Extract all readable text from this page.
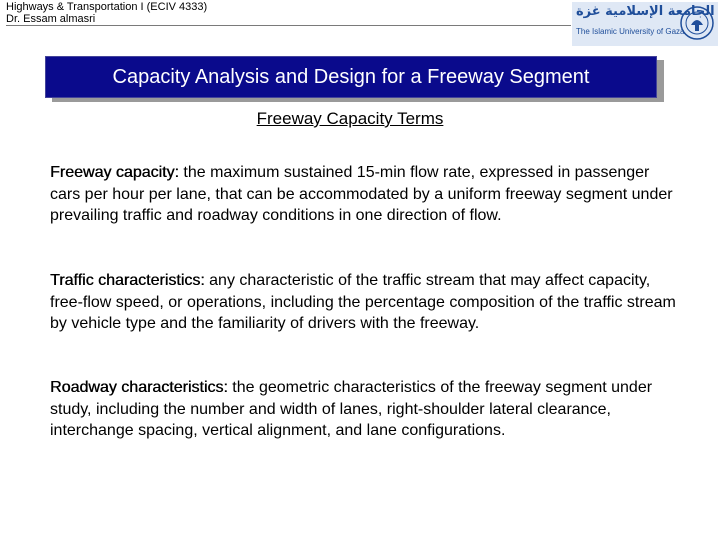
Highways & Transportation I (ECIV 4333)
Dr. Essam almasri	الجامعة الإسلامية غزة
The Islamic University of Gaza
Capacity Analysis and Design for a Freeway Segment
Freeway Capacity Terms
Freeway capacity: the maximum sustained 15-min flow rate, expressed in passenger cars per hour per lane, that can be accommodated by a uniform freeway segment under prevailing traffic and roadway conditions in one direction of flow.
Traffic characteristics: any characteristic of the traffic stream that may affect capacity, free-flow speed, or operations, including the percentage composition of the traffic stream by vehicle type and the familiarity of drivers with the freeway.
Roadway characteristics: the geometric characteristics of the freeway segment under study, including the number and width of lanes, right-shoulder lateral clearance, interchange spacing, vertical alignment, and lane configurations.
